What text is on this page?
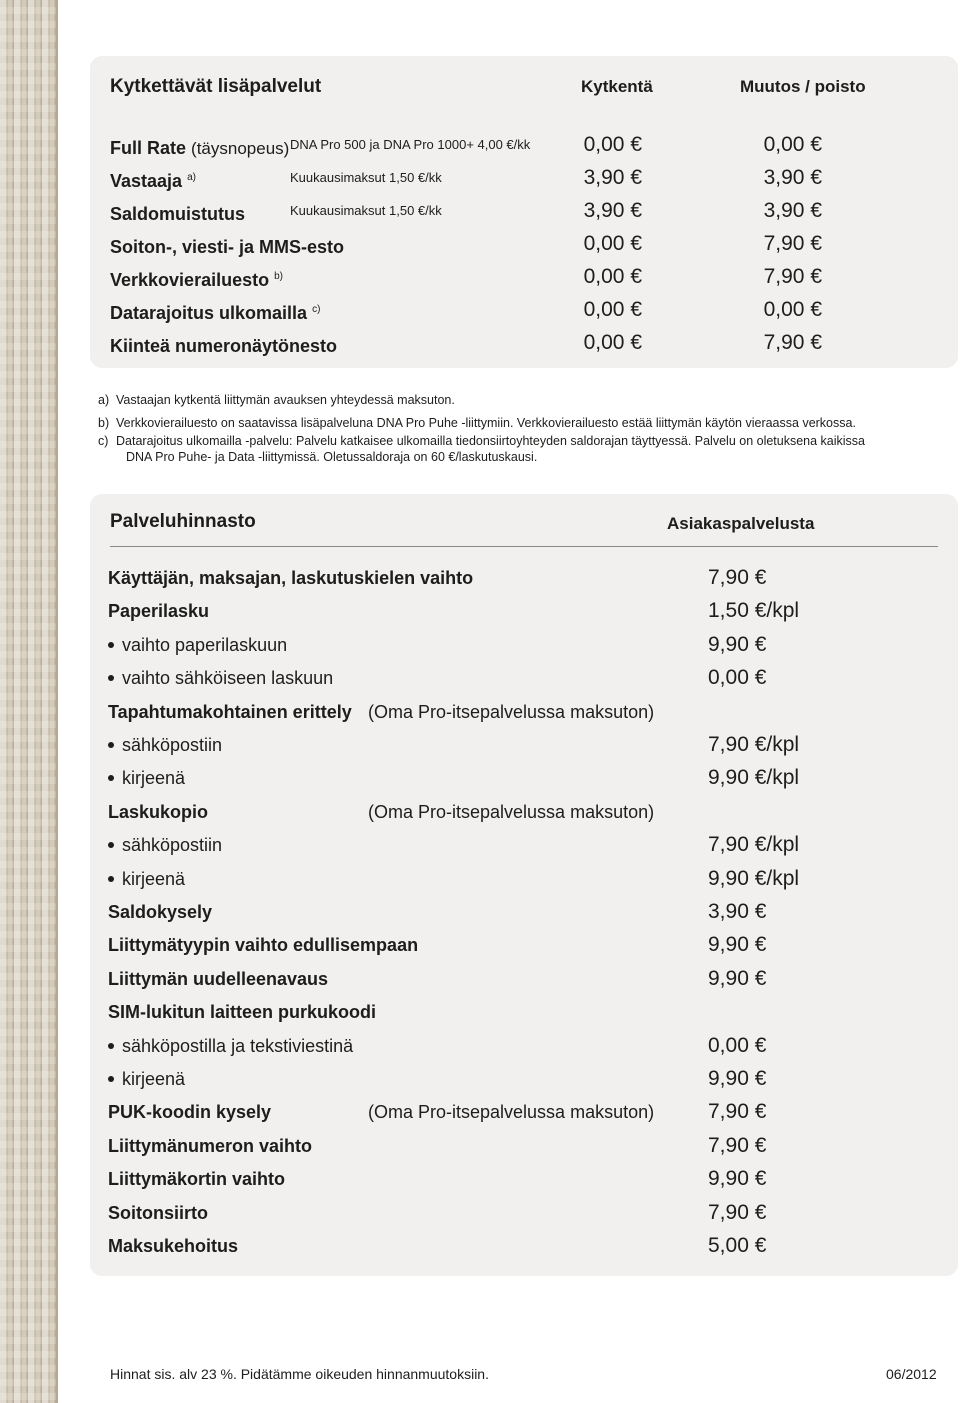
Kytkettävät lisäpalvelut	Kytkentä	Muutos / poisto
Full Rate (täysnopeus) DNA Pro 500 ja DNA Pro 1000+ 4,00 €/kk	0,00 €	0,00 €
Vastaaja $^{a)}$	Kuukausimaksut 1,50 €/kk	3,90 €	3,90 €
Saldomuistutus	Kuukausimaksut 1,50 €/kk	3,90 €	3,90 €
Soiton-, viesti- ja MMS-esto	0,00 €	7,90 €
Verkkovierailuesto $^{b)}$	0,00 €	7,90 €
Datarajoitus ulkomailla $^{c)}$	0,00 €	0,00 €
Kiinteä numeronäytönesto	0,00 €	7,90 €
a) Vastaajan kytkentä liittymän avauksen yhteydessä maksuton.
b) Verkkovierailuesto on saatavissa lisäpalveluna DNA Pro Puhe -liittymiin. Verkkovierailuesto estää liittymän käytön vieraassa verkossa.
c) Datarajoitus ulkomailla -palvelu: Palvelu katkaisee ulkomailla tiedonsiirtoyhteyden saldorajan täyttyessä. Palvelu on oletuksena kaikissa
DNA Pro Puhe- ja Data -liittymissä. Oletussaldoraja on 60 €/laskutuskausi.
Palveluhinnasto	Asiakaspalvelusta
Käyttäjän, maksajan, laskutuskielen vaihto	7,90 €
Paperilasku	1,50 €/kpl
vaihto paperilaskuun	9,90 €
vaihto sähköiseen laskuun	0,00 €
Tapahtumakohtainen erittely (Oma Pro-itsepalvelussa maksuton)
sähköpostiin	7,90 €/kpl
kirjeenä	9,90 €/kpl
Laskukopio	(Oma Pro-itsepalvelussa maksuton)
sähköpostiin	7,90 €/kpl
kirjeenä	9,90 €/kpl
Saldokysely	3,90 €
Liittymätyypin vaihto edullisempaan	9,90 €
Liittymän uudelleenavaus	9,90 €
SIM-lukitun laitteen purkukoodi
sähköpostilla ja tekstiviestinä	0,00 €
kirjeenä	9,90 €
PUK-koodin kysely	(Oma Pro-itsepalvelussa maksuton)	7,90 €
Liittymänumeron vaihto	7,90 €
Liittymäkortin vaihto	9,90 €
Soitonsiirto	7,90 €
Maksukehoitus	5,00 €
Hinnat sis. alv 23 %. Pidätämme oikeuden hinnanmuutoksiin.	06/2012
